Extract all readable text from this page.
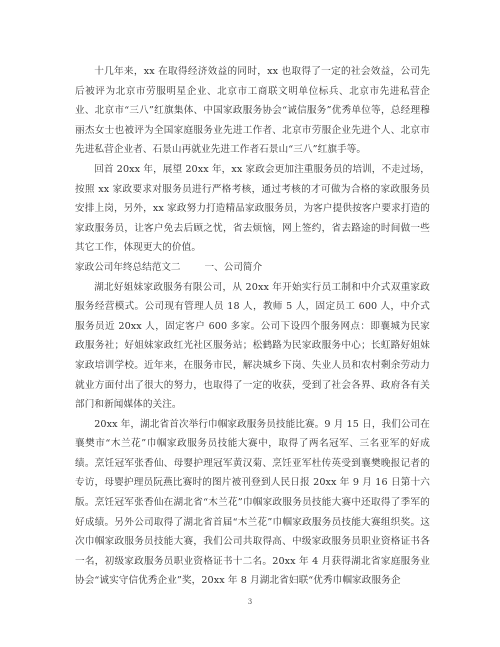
十几年来，xx 在取得经济效益的同时，xx 也取得了一定的社会效益，公司先后被评为北京市劳服明星企业、北京市工商联文明单位标兵、北京市先进私营企业、北京市“三八”红旗集体、中国家政服务协会“诚信服务”优秀单位等，总经理穆丽杰女士也被评为全国家庭服务业先进工作者、北京市劳服企业先进个人、北京市先进私营企业者、石景山再就业先进工作者石景山“三八”红旗手等。

回首 20xx 年，展望 20xx 年，xx 家政会更加注重服务员的培训，不走过场，按照 xx 家政要求对服务员进行严格考核，通过考核的才可做为合格的家政服务员安排上岗，另外，xx 家政努力打造精品家政服务员，为客户提供按客户要求打造的家政服务员，让客户免去后顾之忧，省去烦恼，网上签约，省去路途的时间做一些其它工作，体现更大的价值。

家政公司年终总结范文二	一、公司简介

湖北好姐妹家政服务有限公司，从 20xx 年开始实行员工制和中介式双重家政服务经营模式。公司现有管理人员 18 人，教师 5 人，固定员工 600 人，中介式服务员近 20xx 人，固定客户 600 多家。公司下设四个服务网点：即襄城为民家政服务社；好姐妹家政红光社区服务站；松鹤路为民家政服务中心；长虹路好姐妹家政培训学校。近年来，在服务市民，解决城乡下岗、失业人员和农村剩余劳动力就业方面付出了很大的努力，也取得了一定的收获，受到了社会各界、政府各有关部门和新闻媒体的关注。

20xx 年，湖北省首次举行巾帼家政服务员技能比赛。9 月 15 日，我们公司在襄樊市“木兰花”巾帼家政服务员技能大赛中，取得了两名冠军、三名亚军的好成绩。烹饪冠军张香仙、母婴护理冠军黄汉菊、烹饪亚军杜传英受到襄樊晚报记者的专访，母婴护理员阮燕比赛时的图片被刊登到人民日报 20xx 年 9 月 16 日第十六版。烹饪冠军张香仙在湖北省“木兰花”巾帼家政服务员技能大赛中还取得了季军的好成绩。另外公司取得了湖北省首届“木兰花”巾帼家政服务员技能大赛组织奖。这次巾帼家政服务员技能大赛，我们公司共取得高、中级家政服务员职业资格证书各一名，初级家政服务员职业资格证书十二名。20xx 年 4 月获得湖北省家庭服务业协会“诚实守信优秀企业”奖，20xx 年 8 月湖北省妇联“优秀巾帼家政服务企

3
